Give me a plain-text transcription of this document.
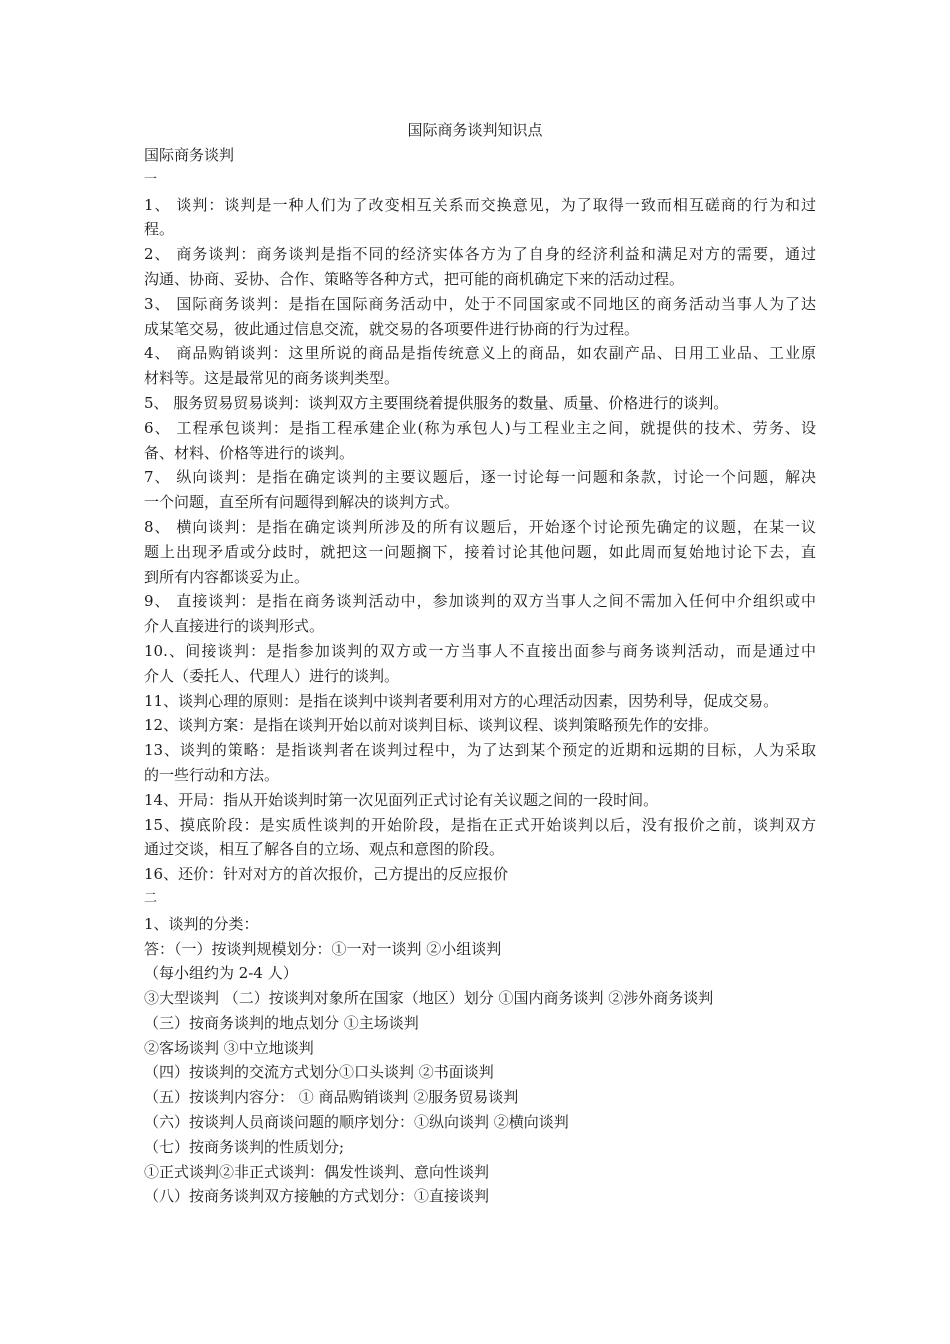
国际商务谈判知识点
国际商务谈判
一
1、 谈判：谈判是一种人们为了改变相互关系而交换意见，为了取得一致而相互磋商的行为和过
程。
2、 商务谈判：商务谈判是指不同的经济实体各方为了自身的经济利益和满足对方的需要，通过
沟通、协商、妥协、合作、策略等各种方式，把可能的商机确定下来的活动过程。
3、 国际商务谈判：是指在国际商务活动中，处于不同国家或不同地区的商务活动当事人为了达
成某笔交易，彼此通过信息交流，就交易的各项要件进行协商的行为过程。
4、 商品购销谈判：这里所说的商品是指传统意义上的商品，如农副产品、日用工业品、工业原
材料等。这是最常见的商务谈判类型。
5、 服务贸易贸易谈判：谈判双方主要围绕着提供服务的数量、质量、价格进行的谈判。
6、 工程承包谈判：是指工程承建企业(称为承包人)与工程业主之间，就提供的技术、劳务、设
备、材料、价格等进行的谈判。
7、 纵向谈判：是指在确定谈判的主要议题后，逐一讨论每一问题和条款，讨论一个问题，解决
一个问题，直至所有问题得到解决的谈判方式。
8、 横向谈判：是指在确定谈判所涉及的所有议题后，开始逐个讨论预先确定的议题，在某一议
题上出现矛盾或分歧时，就把这一问题搁下，接着讨论其他问题，如此周而复始地讨论下去，直
到所有内容都谈妥为止。
9、 直接谈判：是指在商务谈判活动中，参加谈判的双方当事人之间不需加入任何中介组织或中
介人直接进行的谈判形式。
10.、间接谈判：是指参加谈判的双方或一方当事人不直接出面参与商务谈判活动，而是通过中
介人（委托人、代理人）进行的谈判。
11、谈判心理的原则：是指在谈判中谈判者要利用对方的心理活动因素，因势利导，促成交易。
12、谈判方案：是指在谈判开始以前对谈判目标、谈判议程、谈判策略预先作的安排。
13、谈判的策略：是指谈判者在谈判过程中，为了达到某个预定的近期和远期的目标，人为采取
的一些行动和方法。
14、开局：指从开始谈判时第一次见面列正式讨论有关议题之间的一段时间。
15、摸底阶段：是实质性谈判的开始阶段，是指在正式开始谈判以后，没有报价之前，谈判双方
通过交谈，相互了解各自的立场、观点和意图的阶段。
16、还价：针对对方的首次报价，己方提出的反应报价
二
1、谈判的分类：
答：（一）按谈判规模划分：①一对一谈判 ②小组谈判
（每小组约为 2-4 人）
③大型谈判 （二）按谈判对象所在国家（地区）划分 ①国内商务谈判 ②涉外商务谈判
（三）按商务谈判的地点划分 ①主场谈判
②客场谈判 ③中立地谈判
（四）按谈判的交流方式划分①口头谈判 ②书面谈判
（五）按谈判内容分： ① 商品购销谈判 ②服务贸易谈判
（六）按谈判人员商谈问题的顺序划分：①纵向谈判 ②横向谈判
（七）按商务谈判的性质划分;
①正式谈判②非正式谈判：偶发性谈判、意向性谈判
（八）按商务谈判双方接触的方式划分：①直接谈判
